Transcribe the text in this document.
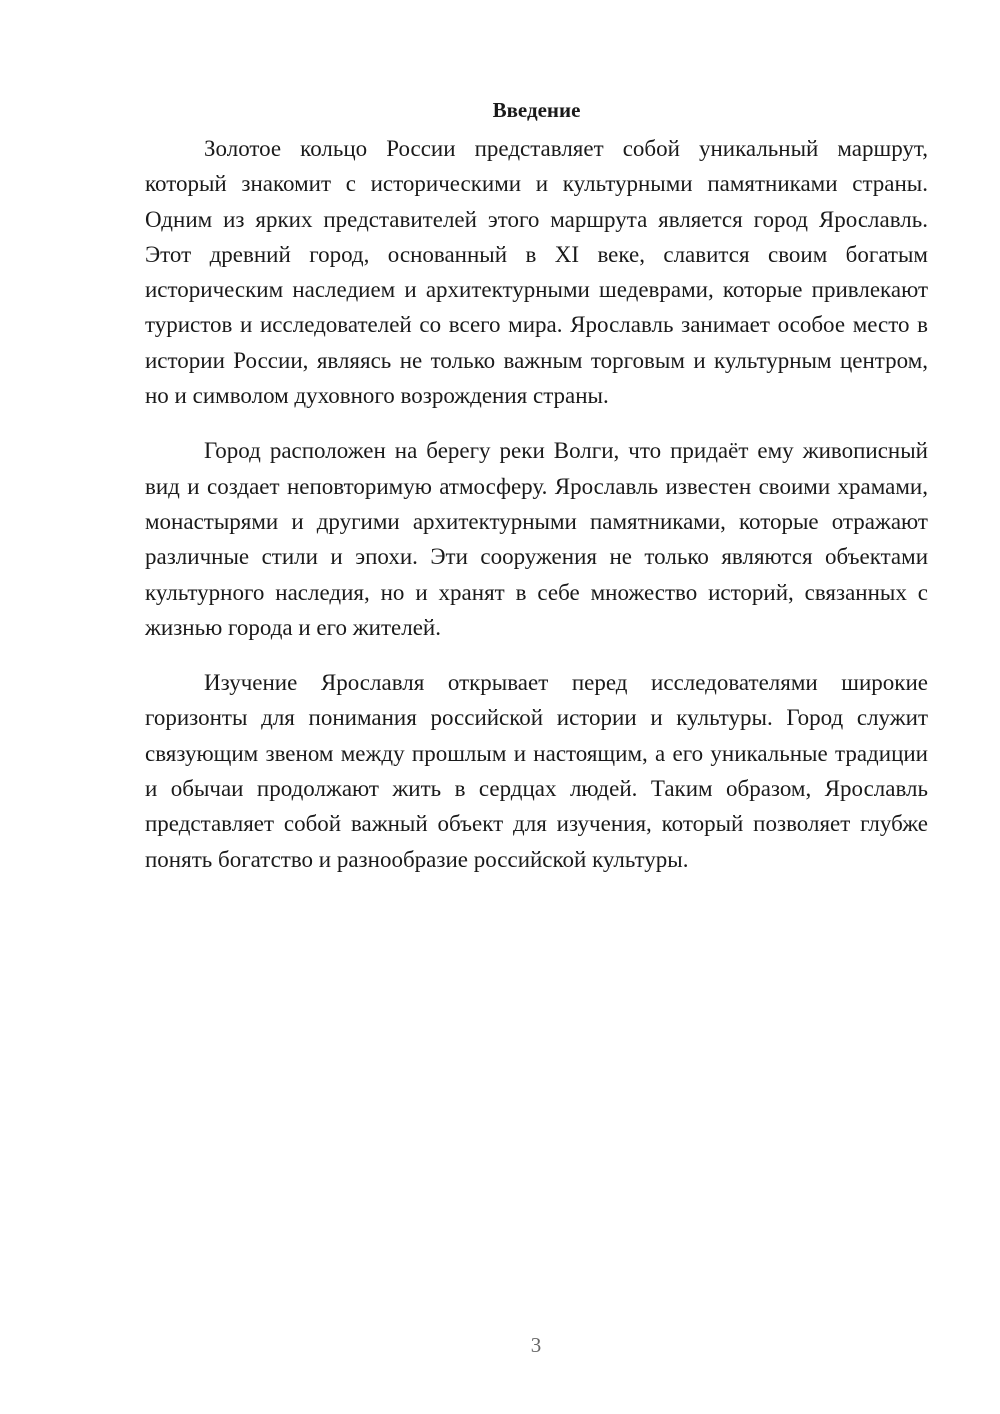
Введение

Золотое кольцо России представляет собой уникальный маршрут, который знакомит с историческими и культурными памятниками страны. Одним из ярких представителей этого маршрута является город Ярославль. Этот древний город, основанный в XI веке, славится своим богатым историческим наследием и архитектурными шедеврами, которые привлекают туристов и исследователей со всего мира. Ярославль занимает особое место в истории России, являясь не только важным торговым и культурным центром, но и символом духовного возрождения страны.

Город расположен на берегу реки Волги, что придаёт ему живописный вид и создает неповторимую атмосферу. Ярославль известен своими храмами, монастырями и другими архитектурными памятниками, которые отражают различные стили и эпохи. Эти сооружения не только являются объектами культурного наследия, но и хранят в себе множество историй, связанных с жизнью города и его жителей.

Изучение Ярославля открывает перед исследователями широкие горизонты для понимания российской истории и культуры. Город служит связующим звеном между прошлым и настоящим, а его уникальные традиции и обычаи продолжают жить в сердцах людей. Таким образом, Ярославль представляет собой важный объект для изучения, который позволяет глубже понять богатство и разнообразие российской культуры.

3
